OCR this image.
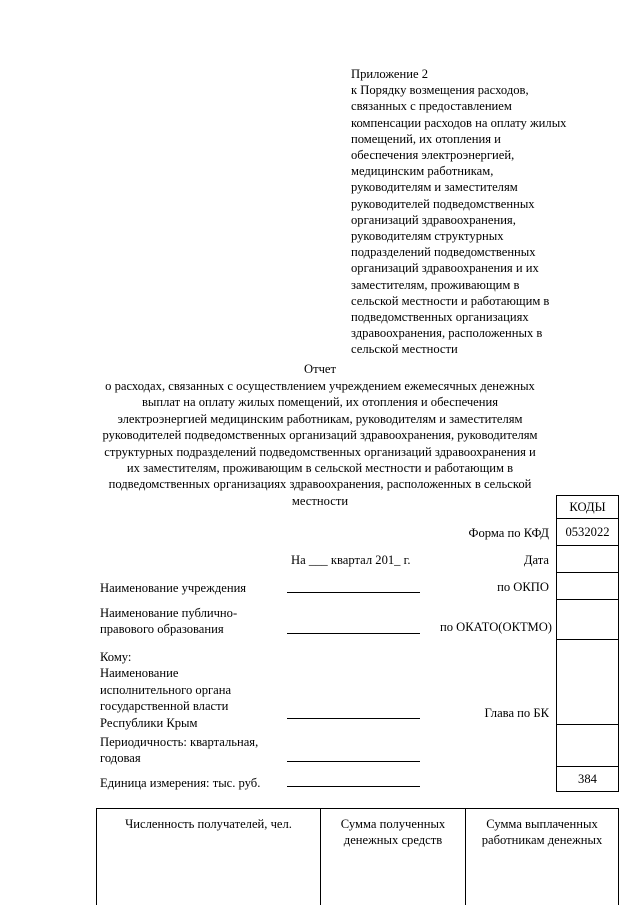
Приложение 2
к Порядку возмещения расходов,
связанных с предоставлением
компенсации расходов на оплату жилых
помещений, их отопления и
обеспечения электроэнергией,
медицинским работникам,
руководителям и заместителям
руководителей подведомственных
организаций здравоохранения,
руководителям структурных
подразделений подведомственных
организаций здравоохранения и их
заместителям, проживающим в
сельской местности и работающим в
подведомственных организациях
здравоохранения, расположенных в
сельской местности
Отчет
о расходах, связанных с осуществлением учреждением ежемесячных денежных выплат на оплату жилых помещений, их отопления и обеспечения электроэнергией медицинским работникам, руководителям и заместителям руководителей подведомственных организаций здравоохранения, руководителям структурных подразделений подведомственных организаций здравоохранения и их заместителям, проживающим в сельской местности и работающим в подведомственных организациях здравоохранения, расположенных в сельской местности	КОДЫ
0532022
384
Форма по КФД
Дата
по ОКПО
по ОКАТО(ОКТМО)
Глава по БК
На ___ квартал 201_ г.
Наименование учреждения
Наименование публично-
правового образования
Кому:
Наименование
исполнительного органа
государственной власти
Республики Крым
Периодичность: квартальная,
годовая
Единица измерения: тыс. руб.
Численность получателей, чел.	Сумма полученных
денежных средств
Сумма выплаченных
работникам денежных
